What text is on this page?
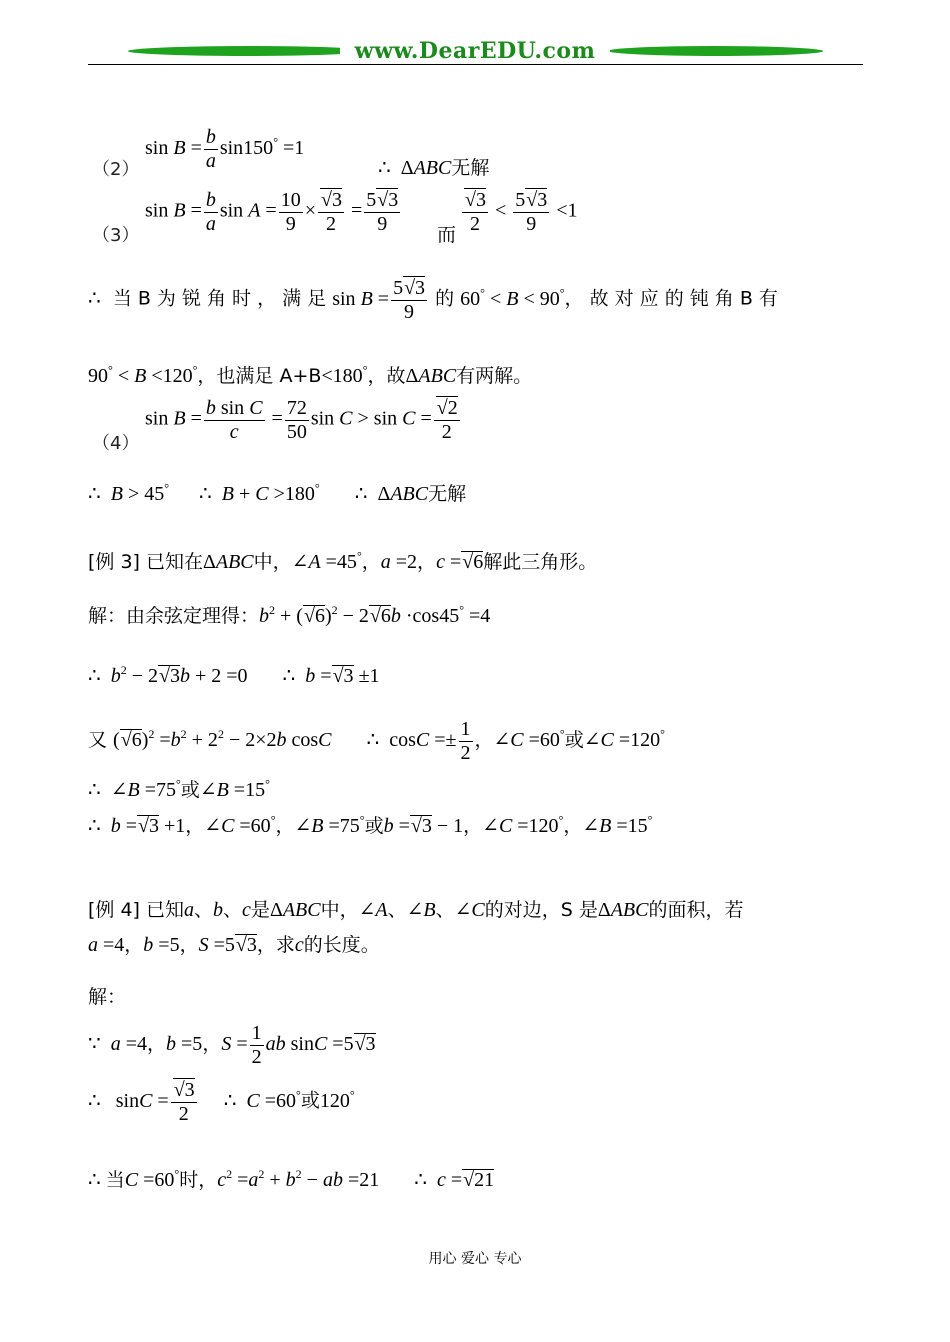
www.DearEDU.com
（2）
$\sin B = \frac{b}{a} \sin 150^\circ =1$
∴  ΔABC无解
（3）
$\sin B = \frac{b}{a}$ $\sin A = \frac{10}{9} \times \frac{√3}{2} = \frac{5√3}{9}$ 而 $\frac{√3}{2} < \frac{5√3}{9} <1$
∴  当 B 为 锐 角 时 ， 满 足 $\sin B = \frac{5√3}{9}$ 的 60° < B < 90°， 故 对 应 的 钝 角 B 有
90° < B <120°，也满足 A+B<180°，故ΔABC有两解。
（4）
$\sin B = \frac{\text{b sin C}}{c} = \frac{72}{50}$ $\sin C > \sin C = \frac{√2}{2}$
∴  B > 45°      ∴  B + C >180°       ∴  ΔABC无解
[例 3] 已知在ΔABC中，∠A =45°，a =2，c =√6解此三角形。
解：由余弦定理得：$b^2 + (√6)^2 - 2√6b \cdot\cos 45^\circ =4$
∴  $b^2 - 2√3b + 2 =0$       ∴  b =√3 ±1
又 $(√6)^2 =b^2 + 2^2 - 2\times 2b$ cosC       ∴  $\cos C =\pm \frac{1}{2}$ ，∠C =60°或∠C =120°
∴  ∠B =75°或∠B =15°
∴  b =√3 +1，∠C =60°，∠B =75°或b =√3 − 1，∠C =120°，∠B =15°
[例 4] 已知a、b、c是ΔABC中，∠A、∠B、∠C的对边，S 是ΔABC的面积，若
a =4，b =5，S =5√3，求c的长度。
解：
∵  a =4，b =5，$S = \frac{1}{2}$ ab sinC =5√3
∴   $\sin C = \frac{√3}{2}$ ∴  C =60°或120°
∴ 当C =60°时，$c^2 =a^2 + b^2$ − ab =21       ∴  c =√21
用心 爱心 专心
